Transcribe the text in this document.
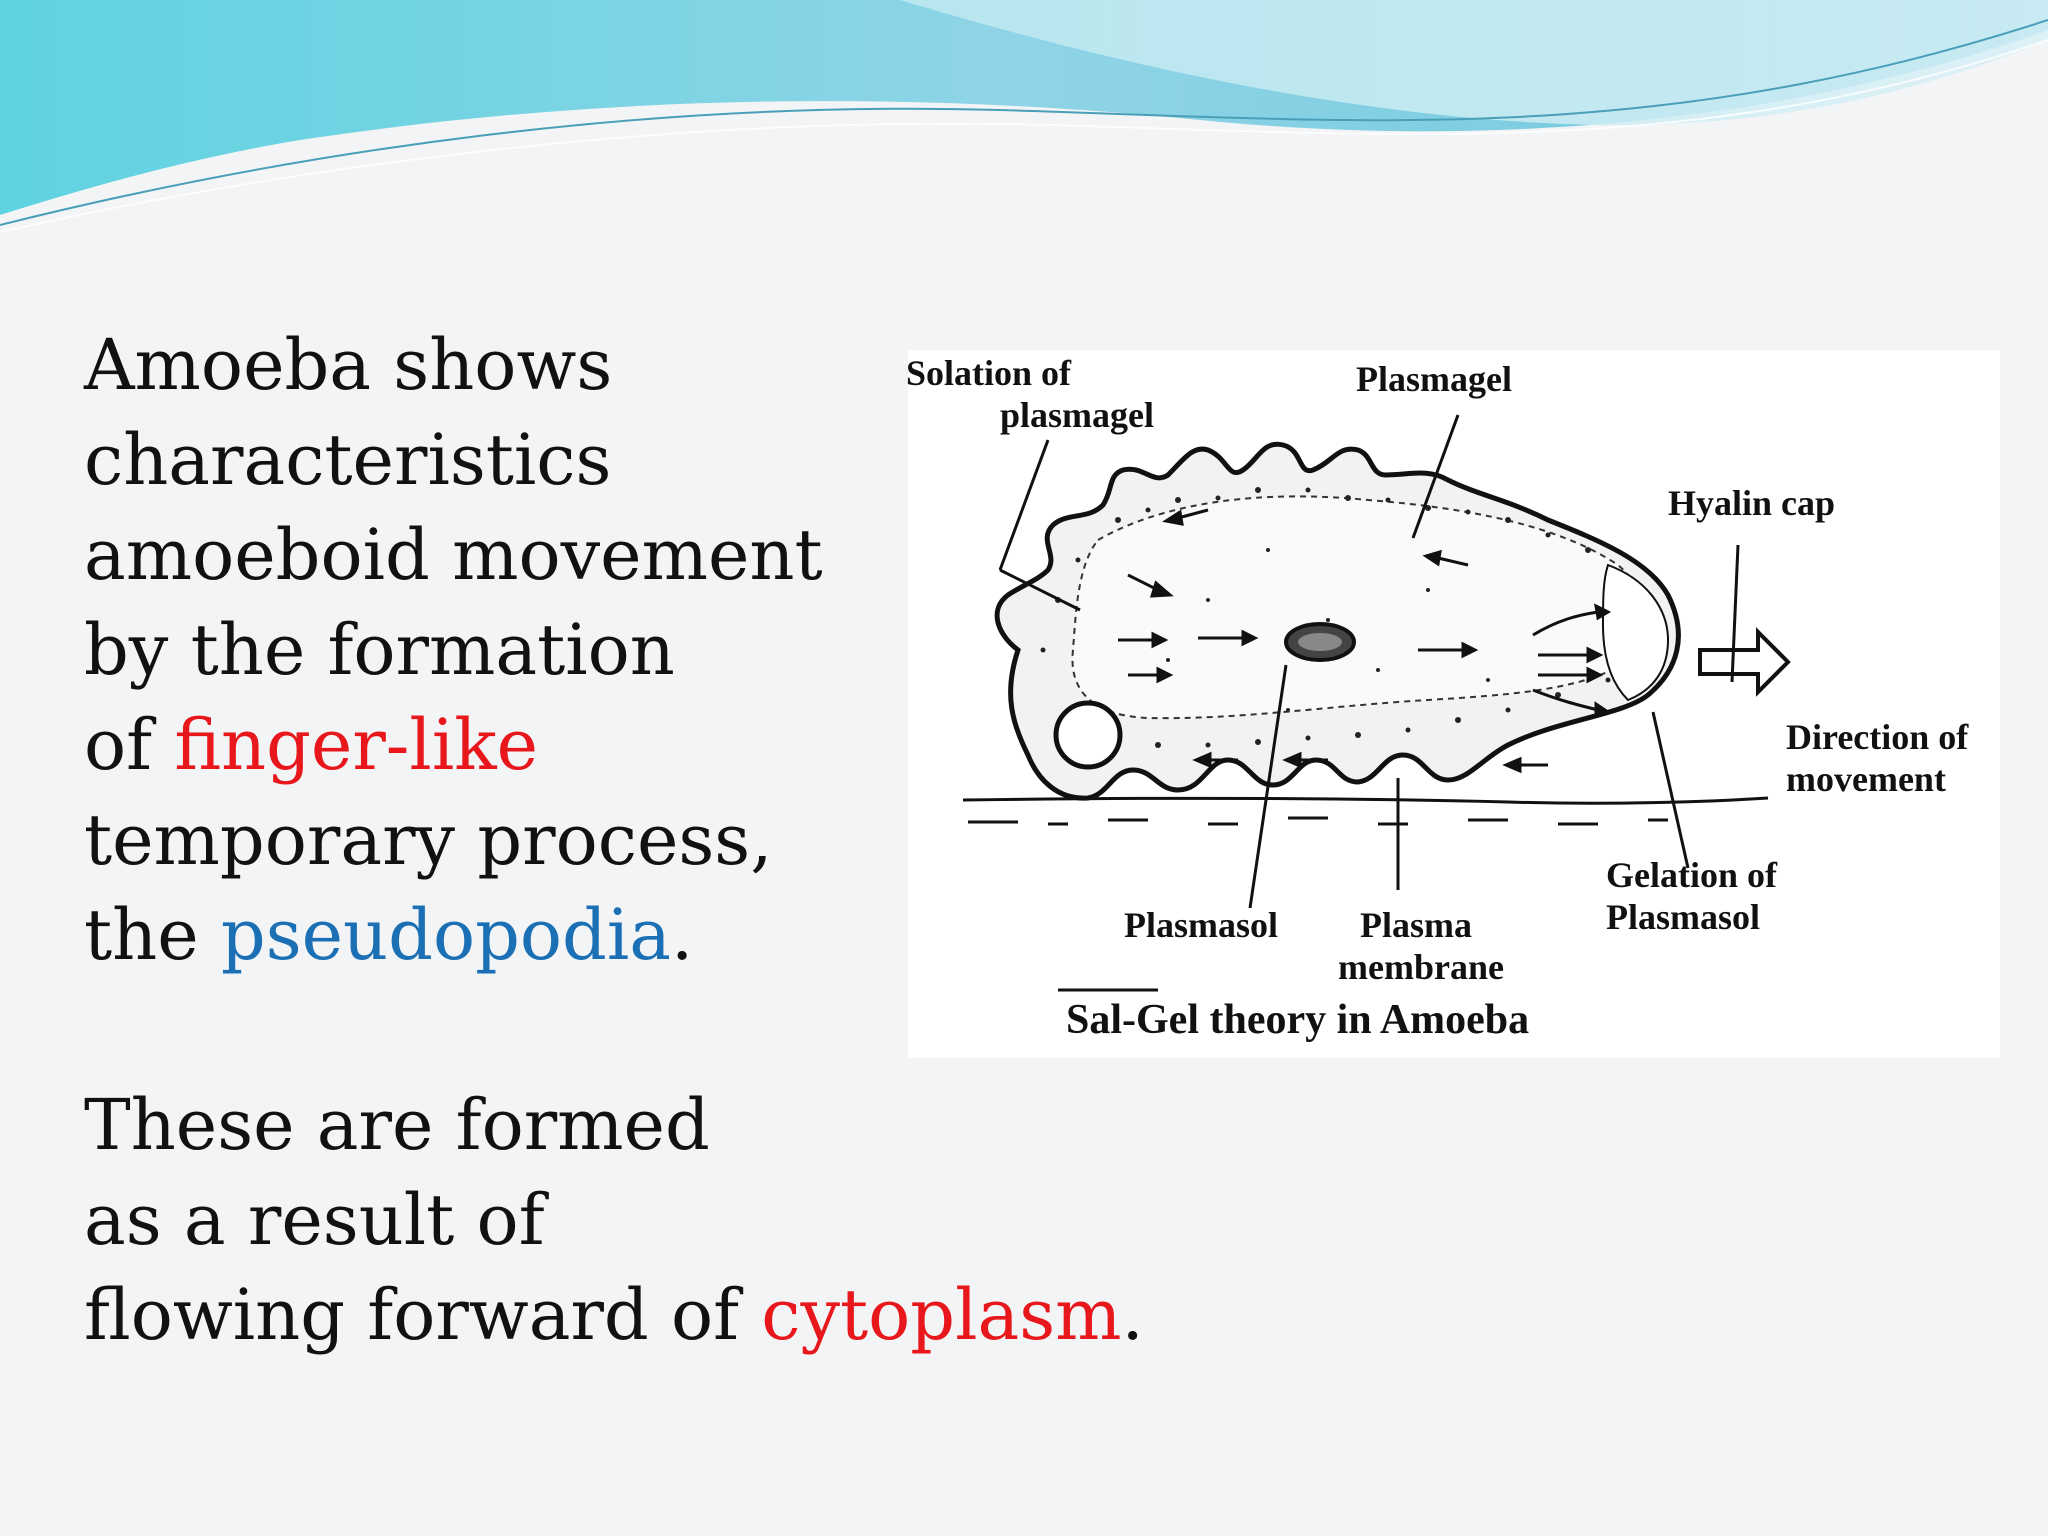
Amoeba shows
characteristics
amoeboid movement
by the formation
of finger-like
temporary process,
the pseudopodia.
These are formed
as a result of
flowing forward of cytoplasm.
Solation of
plasmagel
Plasmagel
Hyalin cap
Direction of
movement
Gelation of
Plasmasol
Plasmasol	Plasma
membrane
Sal-Gel theory in Amoeba
